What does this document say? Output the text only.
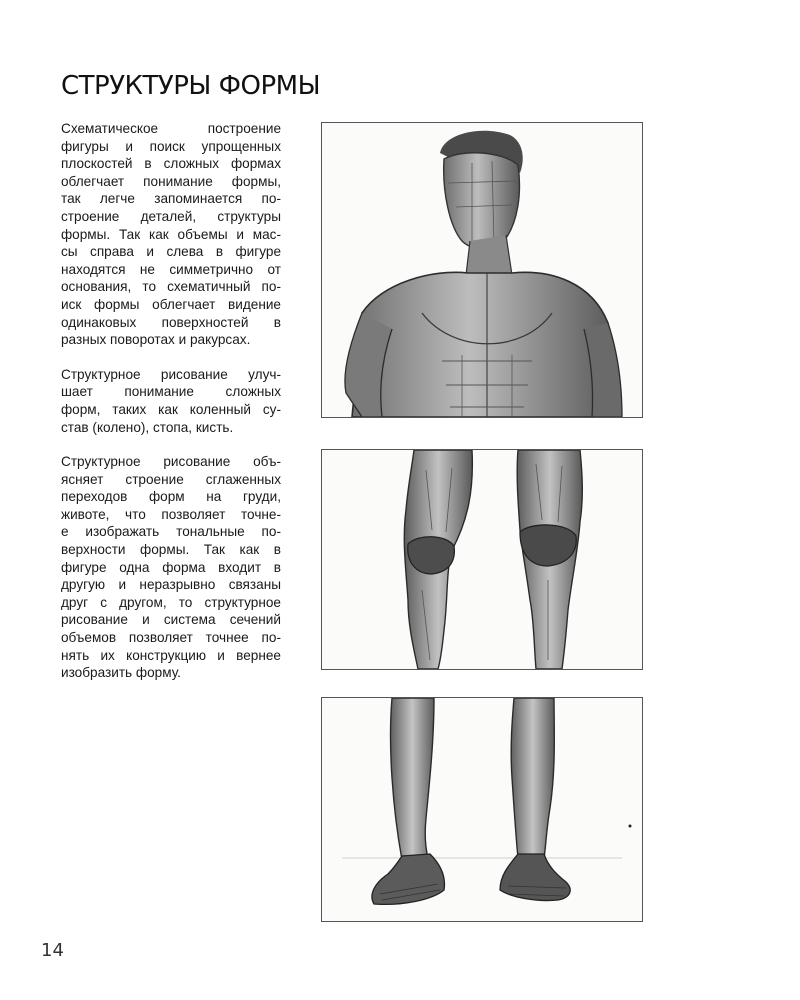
СТРУКТУРЫ ФОРМЫ

Схематическое построение
фигуры и поиск упрощенных
плоскостей в сложных формах
облегчает понимание формы,
так легче запоминается по-
строение деталей, структуры
формы. Так как объемы и мас-
сы справа и слева в фигуре
находятся не симметрично от
основания, то схематичный по-
иск формы облегчает видение
одинаковых поверхностей в
разных поворотах и ракурсах.

Структурное рисование улуч-
шает понимание сложных
форм, таких как коленный су-
став (колено), стопа, кисть.

Структурное рисование объ-
ясняет строение сглаженных
переходов форм на груди,
животе, что позволяет точне-
е изображать тональные по-
верхности формы. Так как в
фигуре одна форма входит в
другую и неразрывно связаны
друг с другом, то структурное
рисование и система сечений
объемов позволяет точнее по-
нять их конструкцию и вернее
изобразить форму.

14
